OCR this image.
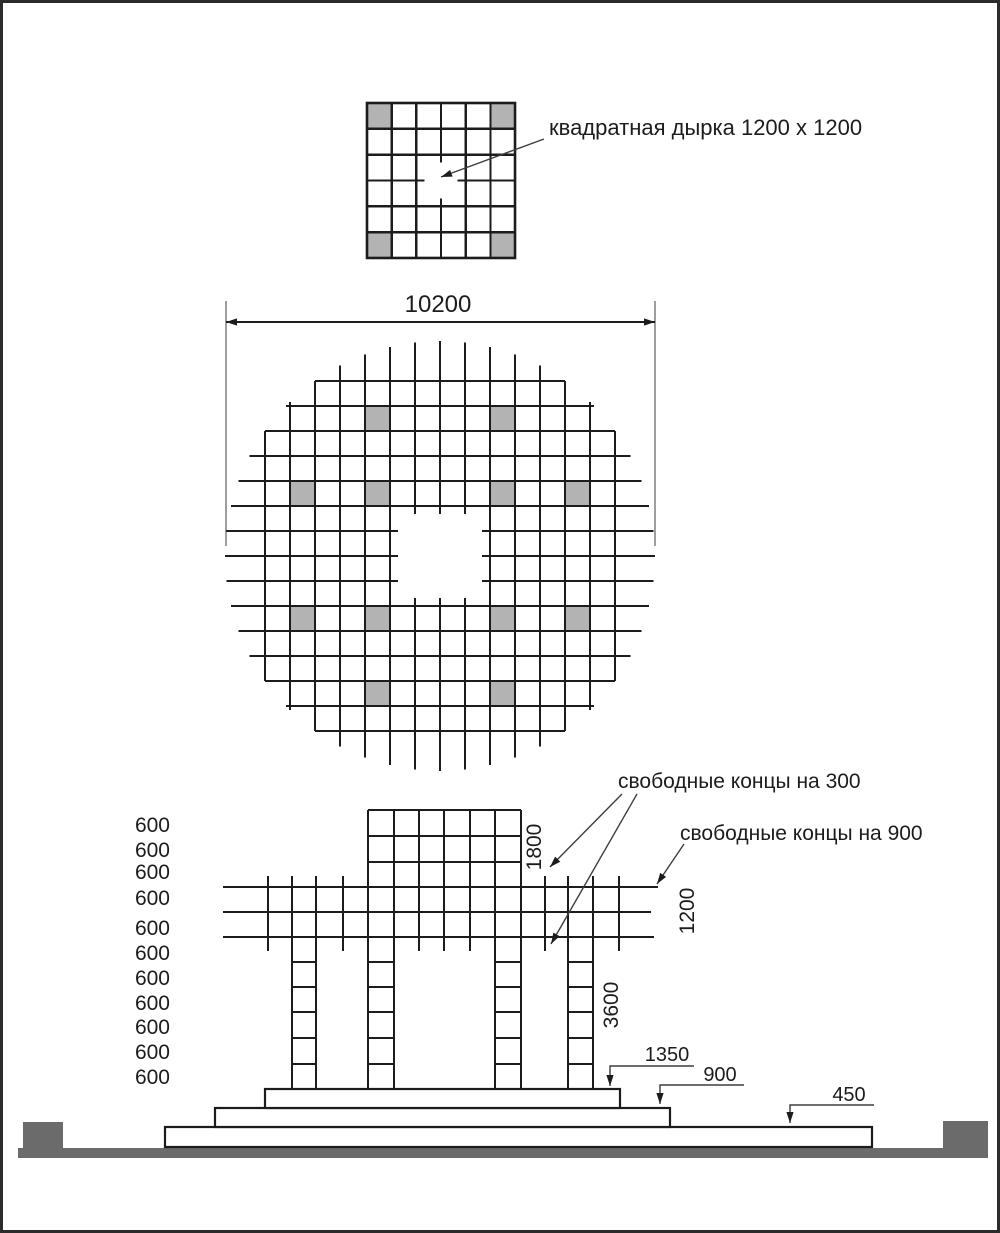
квадратная дырка 1200 x 1200
10200
600
600
600
600
600
600
600
600
600
600
600
1800
1200
3600
свободные концы на 300
свободные концы на 900
1350
900
450
